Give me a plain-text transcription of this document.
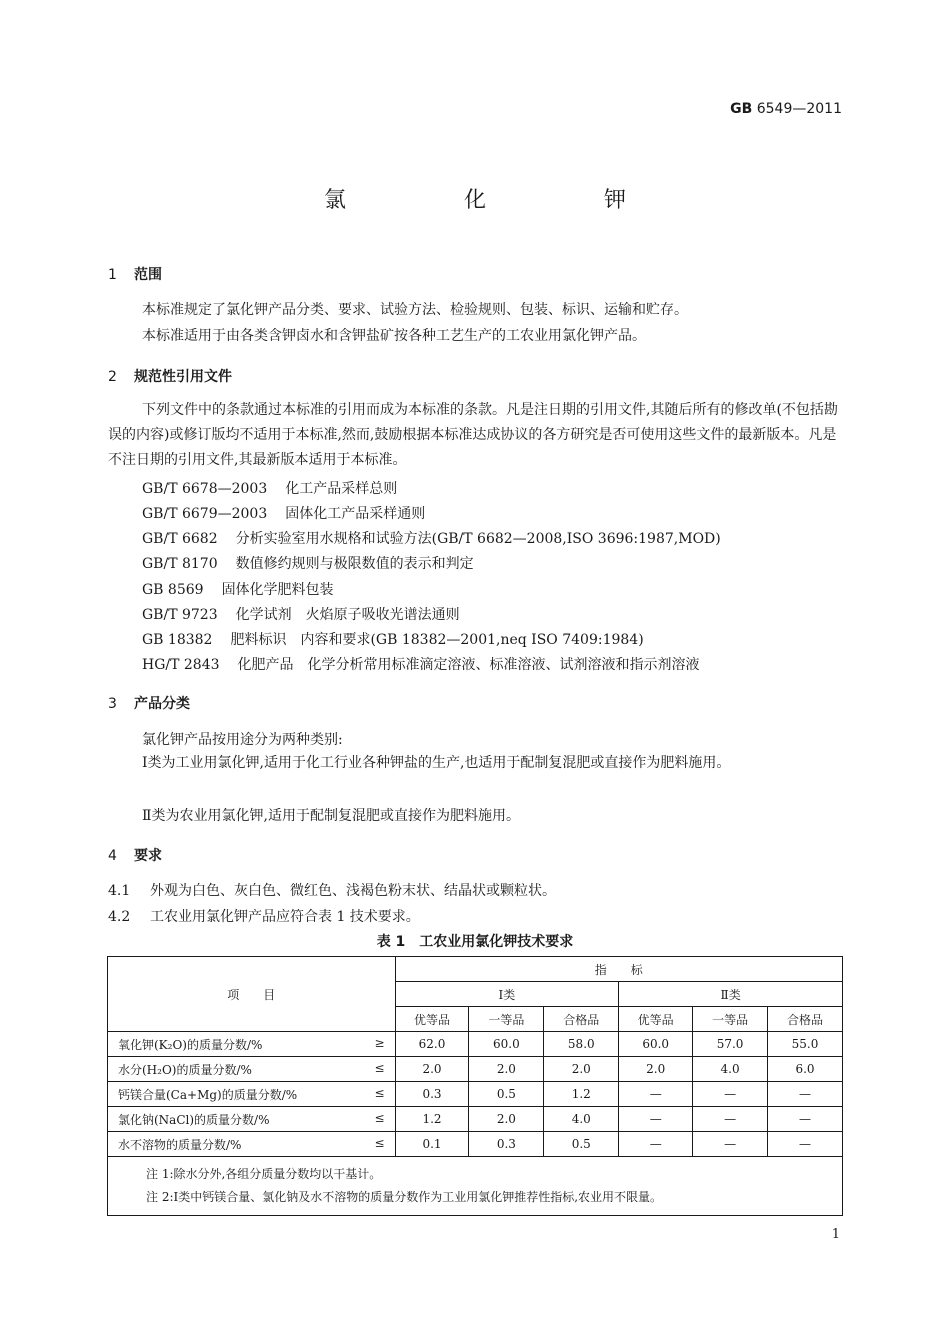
GB 6549—2011
氯　化　钾
1 范围
本标准规定了氯化钾产品分类、要求、试验方法、检验规则、包装、标识、运输和贮存。
本标准适用于由各类含钾卤水和含钾盐矿按各种工艺生产的工农业用氯化钾产品。
2 规范性引用文件
下列文件中的条款通过本标准的引用而成为本标准的条款。凡是注日期的引用文件,其随后所有的修改单(不包括勘误的内容)或修订版均不适用于本标准,然而,鼓励根据本标准达成协议的各方研究是否可使用这些文件的最新版本。凡是不注日期的引用文件,其最新版本适用于本标准。
GB/T 6678—2003 化工产品采样总则
GB/T 6679—2003 固体化工产品采样通则
GB/T 6682 分析实验室用水规格和试验方法(GB/T 6682—2008,ISO 3696:1987,MOD)
GB/T 8170 数值修约规则与极限数值的表示和判定
GB 8569 固体化学肥料包装
GB/T 9723 化学试剂　火焰原子吸收光谱法通则
GB 18382 肥料标识　内容和要求(GB 18382—2001,neq ISO 7409:1984)
HG/T 2843 化肥产品　化学分析常用标准滴定溶液、标准溶液、试剂溶液和指示剂溶液
3 产品分类
氯化钾产品按用途分为两种类别:
Ⅰ类为工业用氯化钾,适用于化工行业各种钾盐的生产,也适用于配制复混肥或直接作为肥料施用。
Ⅱ类为农业用氯化钾,适用于配制复混肥或直接作为肥料施用。
4 要求
4.1 外观为白色、灰白色、微红色、浅褐色粉末状、结晶状或颗粒状。
4.2 工农业用氯化钾产品应符合表 1 技术要求。
表 1　工农业用氯化钾技术要求
项　　目	指　　标					
	Ⅰ类			Ⅱ类		
	优等品	一等品	合格品	优等品	一等品	合格品
氧化钾(K₂O)的质量分数/% ≥	62.0	60.0	58.0	60.0	57.0	55.0
水分(H₂O)的质量分数/% ≤	2.0	2.0	2.0	2.0	4.0	6.0
钙镁合量(Ca+Mg)的质量分数/% ≤	0.3	0.5	1.2	—	—	—
氯化钠(NaCl)的质量分数/% ≤	1.2	2.0	4.0	—	—	—
水不溶物的质量分数/% ≤	0.1	0.3	0.5	—	—	—

注 1:除水分外,各组分质量分数均以干基计。
注 2:Ⅰ类中钙镁合量、氯化钠及水不溶物的质量分数作为工业用氯化钾推荐性指标,农业用不限量。						
1
